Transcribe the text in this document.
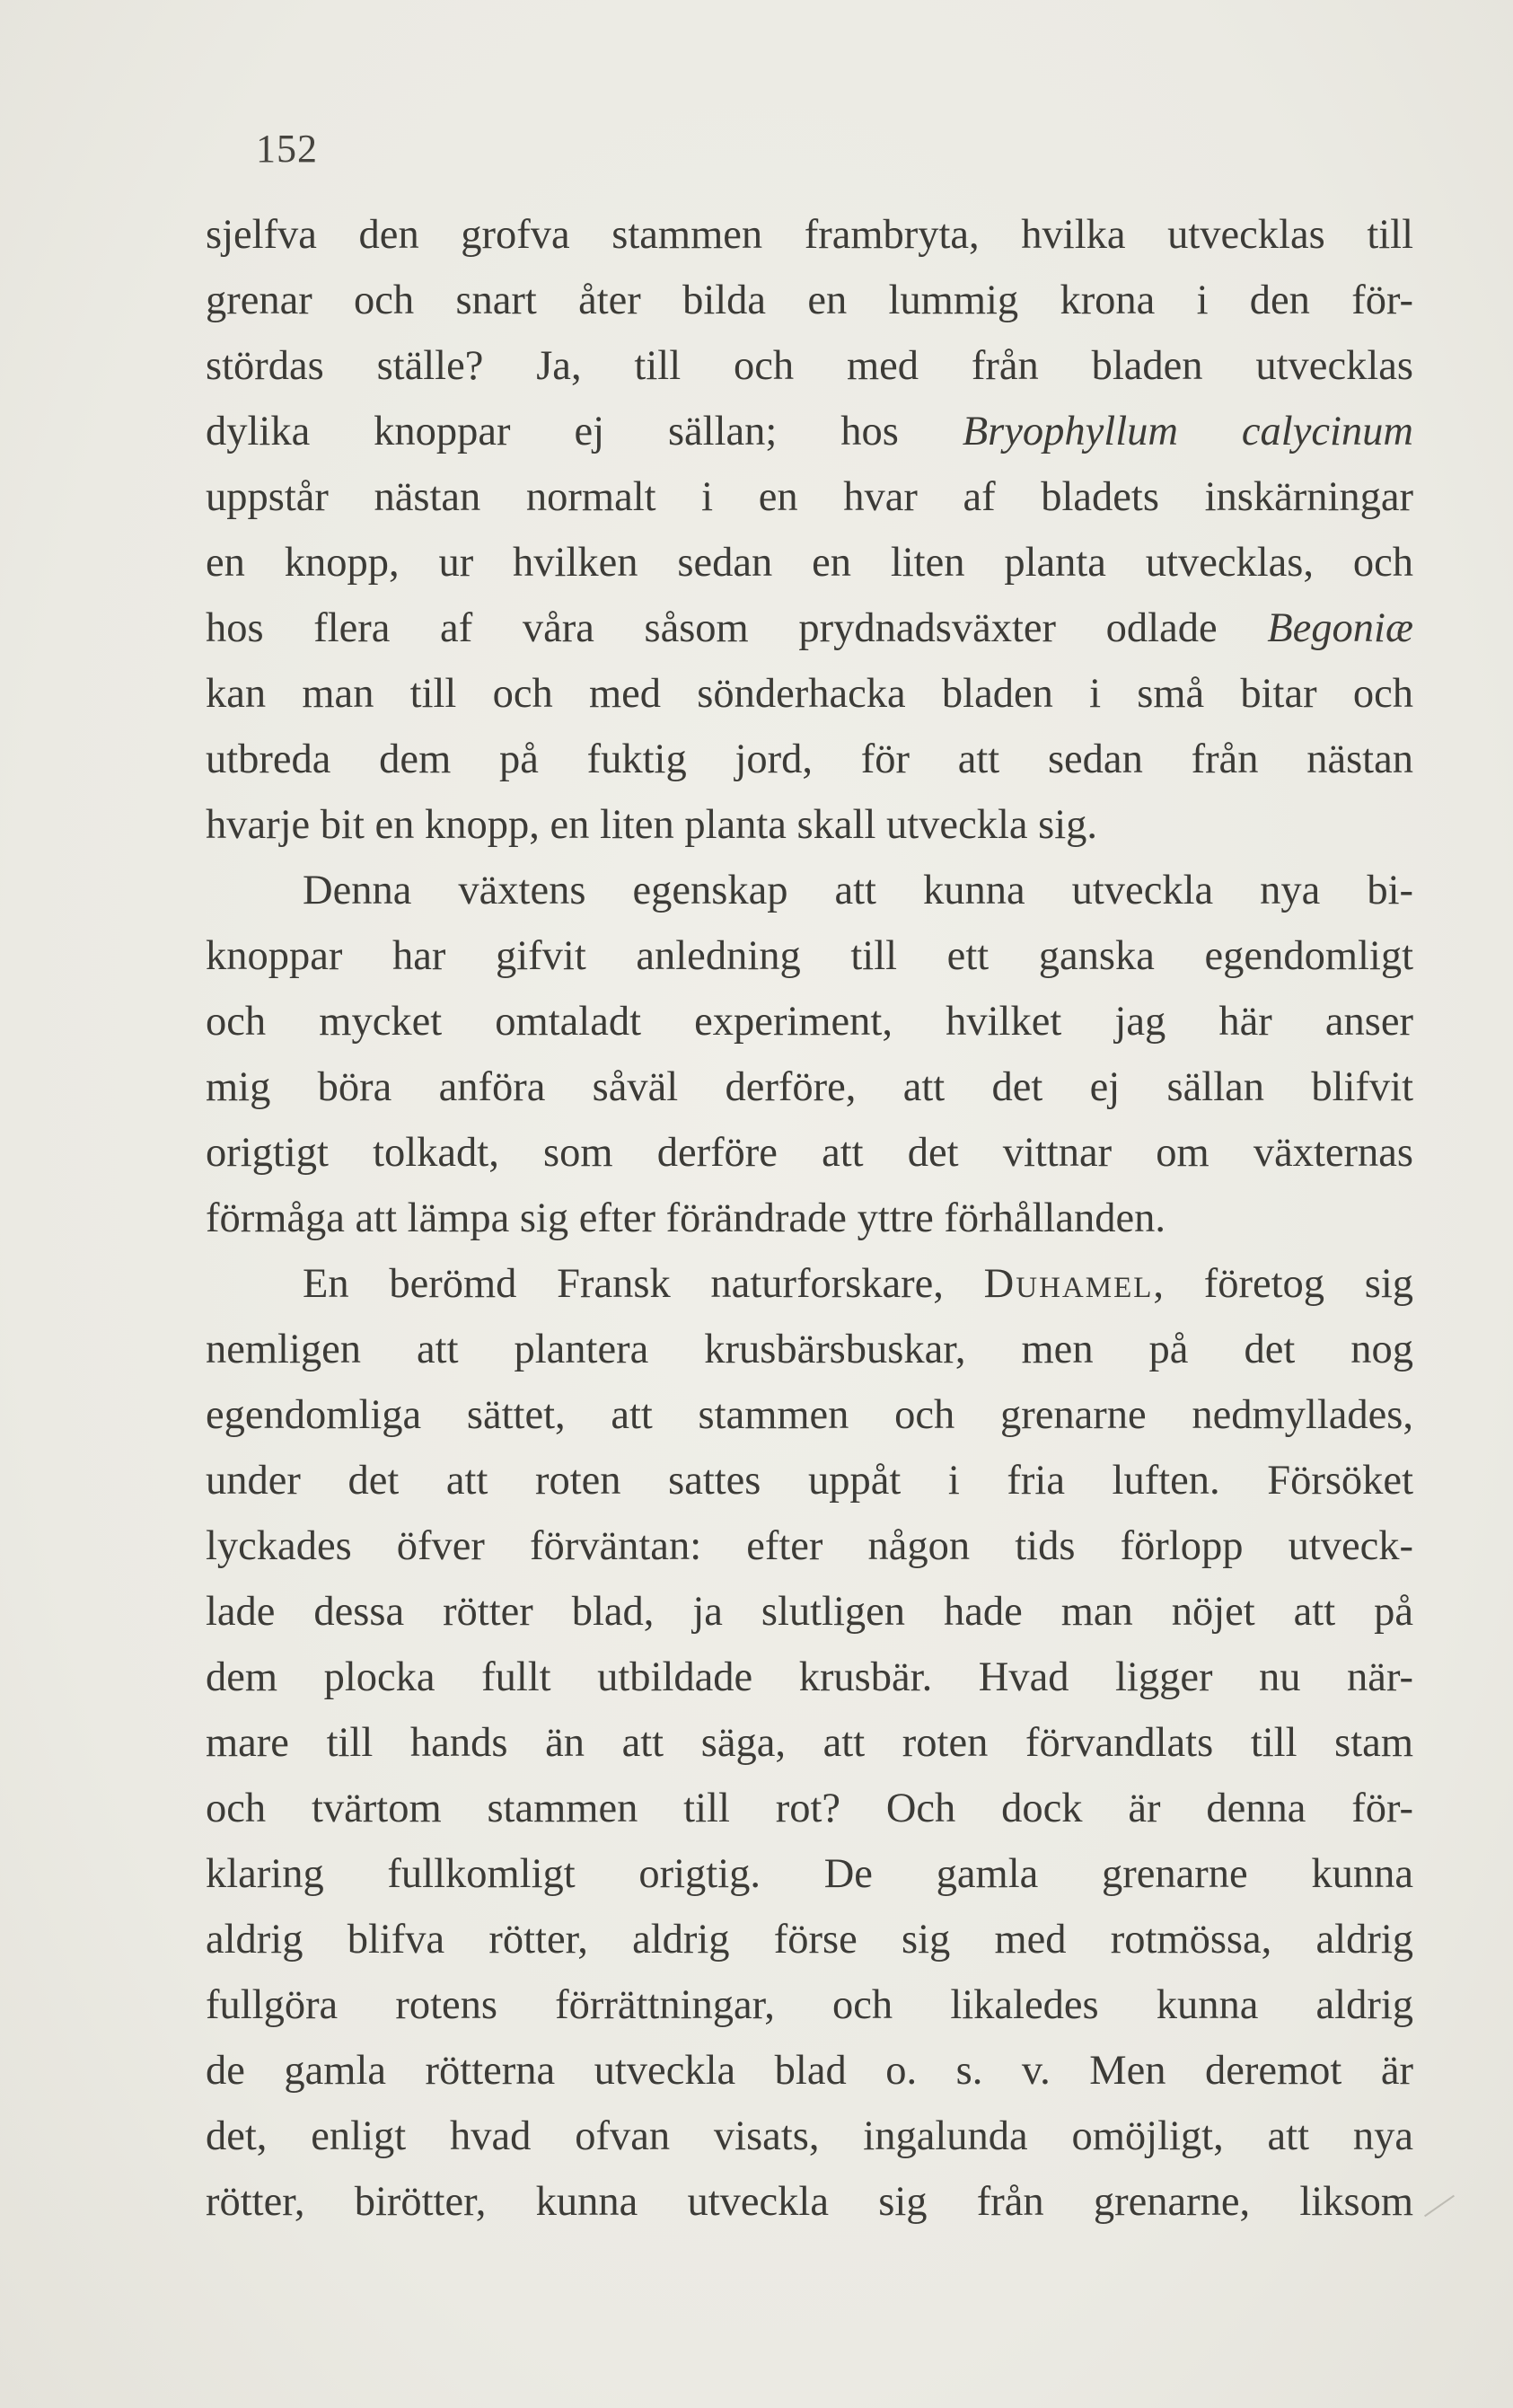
152
sjelfva den grofva stammen frambryta, hvilka utvecklas till
grenar och snart åter bilda en lummig krona i den för-
stördas ställe? Ja, till och med från bladen utvecklas
dylika knoppar ej sällan; hos Bryophyllum calycinum
uppstår nästan normalt i en hvar af bladets inskärningar
en knopp, ur hvilken sedan en liten planta utvecklas, och
hos flera af våra såsom prydnadsväxter odlade Begoniæ
kan man till och med sönderhacka bladen i små bitar och
utbreda dem på fuktig jord, för att sedan från nästan
hvarje bit en knopp, en liten planta skall utveckla sig.
Denna växtens egenskap att kunna utveckla nya bi-
knoppar har gifvit anledning till ett ganska egendomligt
och mycket omtaladt experiment, hvilket jag här anser
mig böra anföra såväl derföre, att det ej sällan blifvit
origtigt tolkadt, som derföre att det vittnar om växternas
förmåga att lämpa sig efter förändrade yttre förhållanden.
En berömd Fransk naturforskare, Duhamel, företog sig
nemligen att plantera krusbärsbuskar, men på det nog
egendomliga sättet, att stammen och grenarne nedmyllades,
under det att roten sattes uppåt i fria luften. Försöket
lyckades öfver förväntan: efter någon tids förlopp utveck-
lade dessa rötter blad, ja slutligen hade man nöjet att på
dem plocka fullt utbildade krusbär. Hvad ligger nu när-
mare till hands än att säga, att roten förvandlats till stam
och tvärtom stammen till rot? Och dock är denna för-
klaring fullkomligt origtig. De gamla grenarne kunna
aldrig blifva rötter, aldrig förse sig med rotmössa, aldrig
fullgöra rotens förrättningar, och likaledes kunna aldrig
de gamla rötterna utveckla blad o. s. v. Men deremot är
det, enligt hvad ofvan visats, ingalunda omöjligt, att nya
rötter, birötter, kunna utveckla sig från grenarne, liksom
